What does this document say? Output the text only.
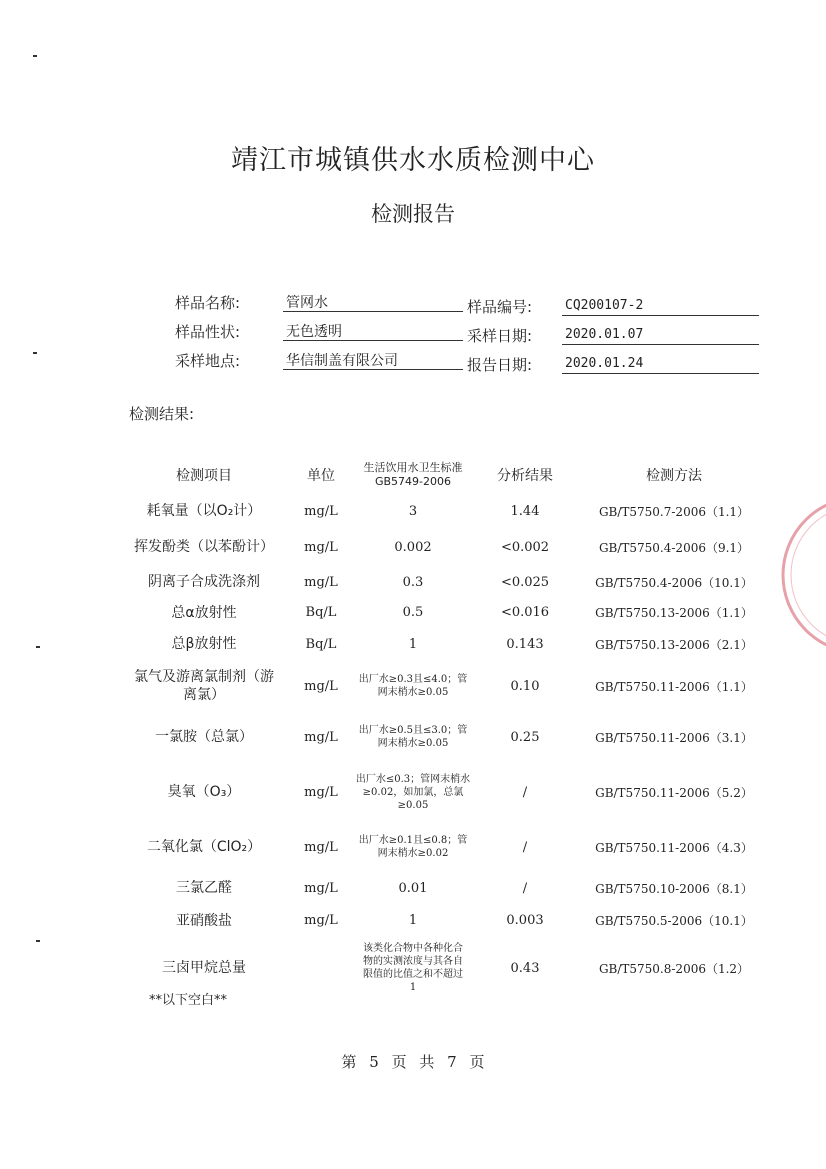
靖江市城镇供水水质检测中心
检测报告
样品名称:	管网水	样品编号:	CQ200107-2
样品性状:	无色透明	采样日期:	2020.01.07
采样地点:	华信制盖有限公司	报告日期:	2020.01.24
检测结果:
检测项目	单位	生活饮用水卫生标准GB5749-2006	分析结果	检测方法
耗氧量（以O₂计）	mg/L	3	1.44	GB/T5750.7-2006（1.1）
挥发酚类（以苯酚计）	mg/L	0.002	<0.002	GB/T5750.4-2006（9.1）
阴离子合成洗涤剂	mg/L	0.3	<0.025	GB/T5750.4-2006（10.1）
总α放射性	Bq/L	0.5	<0.016	GB/T5750.13-2006（1.1）
总β放射性	Bq/L	1	0.143	GB/T5750.13-2006（2.1）
氯气及游离氯制剂（游离氯）	mg/L	出厂水≥0.3且≤4.0；管网末梢水≥0.05	0.10	GB/T5750.11-2006（1.1）
一氯胺（总氯）	mg/L	出厂水≥0.5且≤3.0；管网末梢水≥0.05	0.25	GB/T5750.11-2006（3.1）
臭氧（O₃）	mg/L	出厂水≤0.3；管网末梢水≥0.02，如加氯，总氯≥0.05	/	GB/T5750.11-2006（5.2）
二氧化氯（ClO₂）	mg/L	出厂水≥0.1且≤0.8；管网末梢水≥0.02	/	GB/T5750.11-2006（4.3）
三氯乙醛	mg/L	0.01	/	GB/T5750.10-2006（8.1）
亚硝酸盐	mg/L	1	0.003	GB/T5750.5-2006（10.1）
三卤甲烷总量		该类化合物中各种化合物的实测浓度与其各自限值的比值之和不超过1	0.43	GB/T5750.8-2006（1.2）
**以下空白**
第 5 页 共 7 页
